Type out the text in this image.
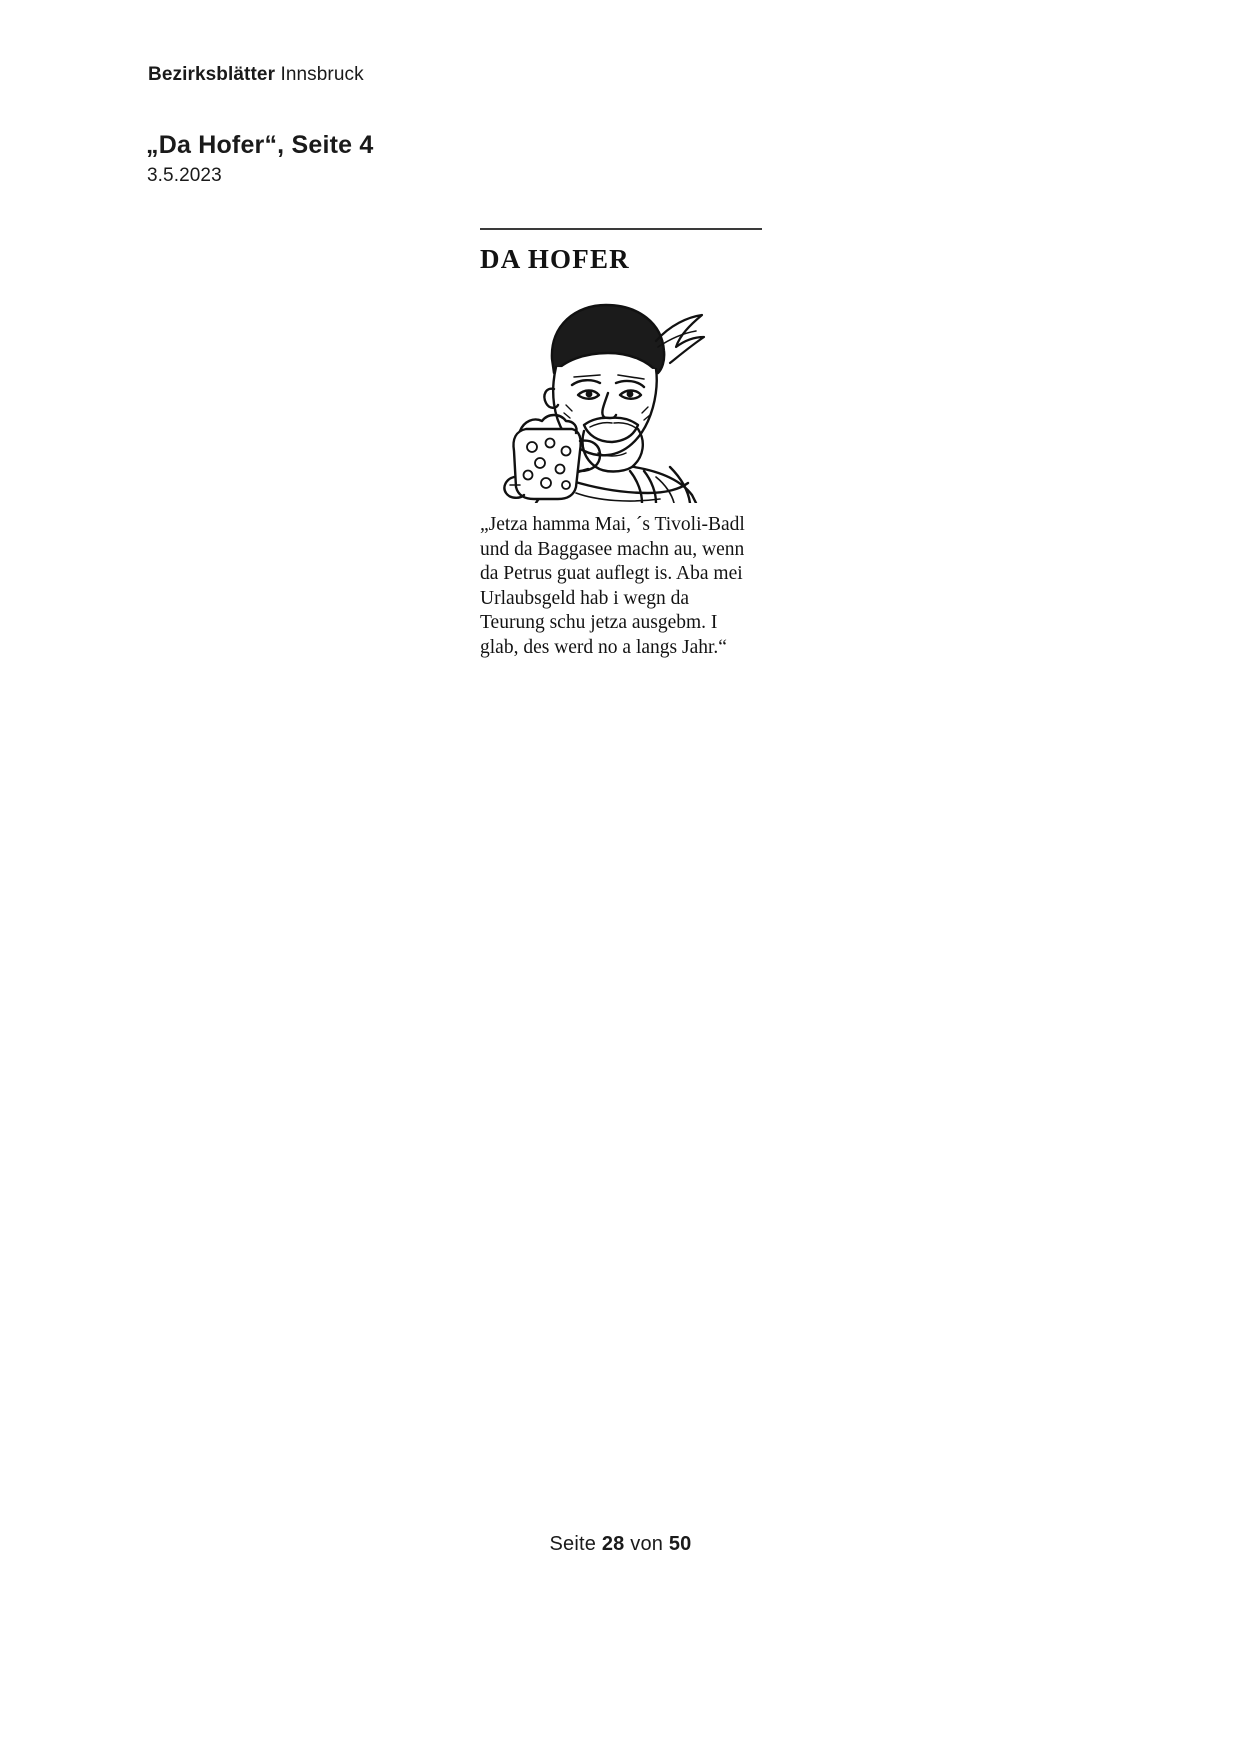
Bezirksblätter Innsbruck
„Da Hofer“, Seite 4
3.5.2023
DA HOFER
„Jetza hamma Mai, ´s Tivoli-Badl und da Baggasee machn au, wenn da Petrus guat auflegt is. Aba mei Urlaubsgeld hab i wegn da Teurung schu jetza ausgebm. I glab, des werd no a langs Jahr.“
Seite 28 von 50
